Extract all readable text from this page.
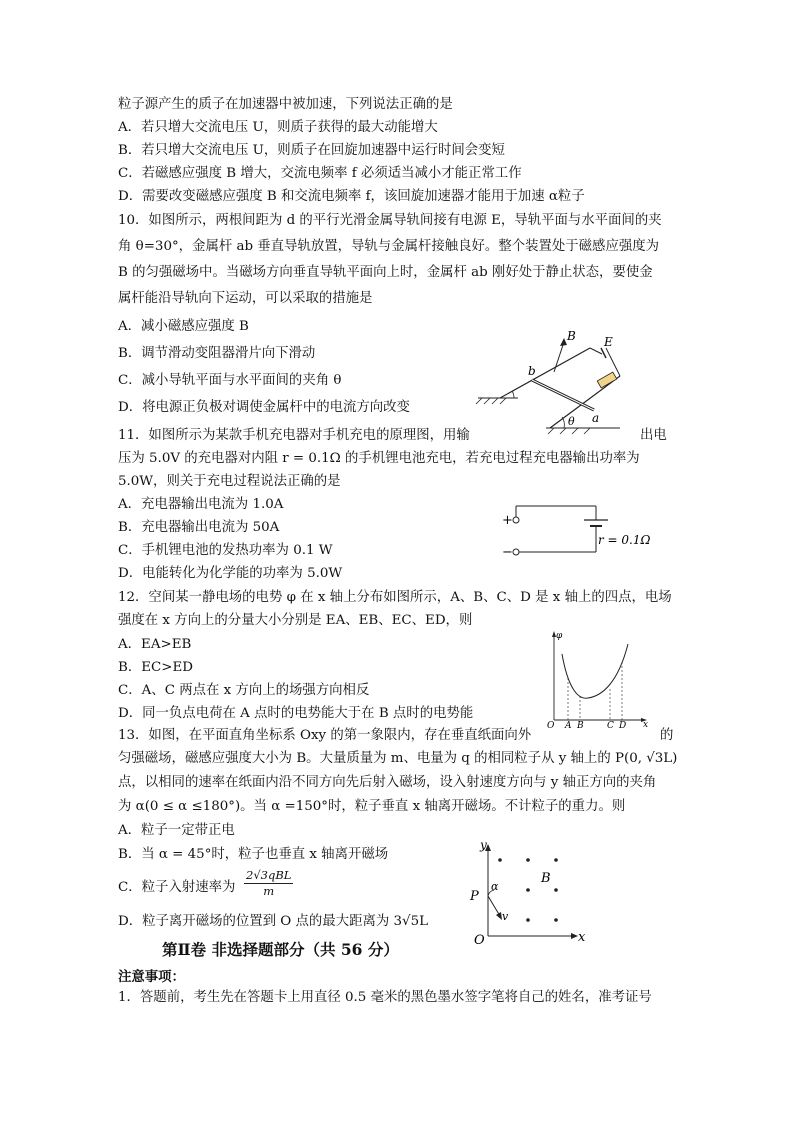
粒子源产生的质子在加速器中被加速，下列说法正确的是
A．若只增大交流电压 U，则质子获得的最大动能增大
B．若只增大交流电压 U，则质子在回旋加速器中运行时间会变短
C．若磁感应强度 B 增大，交流电频率 f 必须适当减小才能正常工作
D．需要改变磁感应强度 B 和交流电频率 f，该回旋加速器才能用于加速 α粒子
10．如图所示，两根间距为 d 的平行光滑金属导轨间接有电源 E，导轨平面与水平面间的夹
角 θ=30°，金属杆 ab 垂直导轨放置，导轨与金属杆接触良好。整个装置处于磁感应强度为
B 的匀强磁场中。当磁场方向垂直导轨平面向上时，金属杆 ab 刚好处于静止状态，要使金
属杆能沿导轨向下运动，可以采取的措施是
A．减小磁感应强度 B
B．调节滑动变阻器滑片向下滑动
C．减小导轨平面与水平面间的夹角 θ
D．将电源正负极对调使金属杆中的电流方向改变
B E
b
a
θ
11．如图所示为某款手机充电器对手机充电的原理图，用输	出电
压为 5.0V 的充电器对内阻 r = 0.1Ω 的手机锂电池充电，若充电过程充电器输出功率为
5.0W，则关于充电过程说法正确的是
A．充电器输出电流为 1.0A
B．充电器输出电流为 50A
C．手机锂电池的发热功率为 0.1 W
D．电能转化为化学能的功率为 5.0W
+
−
r = 0.1Ω
12．空间某一静电场的电势 φ 在 x 轴上分布如图所示，A、B、C、D 是 x 轴上的四点，电场
强度在 x 方向上的分量大小分别是 EA、EB、EC、ED，则
A．EA>EB
B．EC>ED
C．A、C 两点在 x 方向上的场强方向相反
D．同一负点电荷在 A 点时的电势能大于在 B 点时的电势能
φ
x
O A B	C D
13．如图，在平面直角坐标系 Oxy 的第一象限内，存在垂直纸面向外	的
匀强磁场，磁感应强度大小为 B。大量质量为 m、电量为 q 的相同粒子从 y 轴上的 P(0, √3L)
点，以相同的速率在纸面内沿不同方向先后射入磁场，设入射速度方向与 y 轴正方向的夹角
为 α(0 ≤ α ≤180°)。当 α =150°时，粒子垂直 x 轴离开磁场。不计粒子的重力。则
A．粒子一定带正电
B．当 α = 45°时，粒子也垂直 x 轴离开磁场
C．粒子入射速率为
2√3qBL
m
D．粒子离开磁场的位置到 O 点的最大距离为 3√5L
y
x
O
P
B
α
v
第Ⅱ卷 非选择题部分（共 56 分）
注意事项：
1．答题前，考生先在答题卡上用直径 0.5 毫米的黑色墨水签字笔将自己的姓名，准考证号
